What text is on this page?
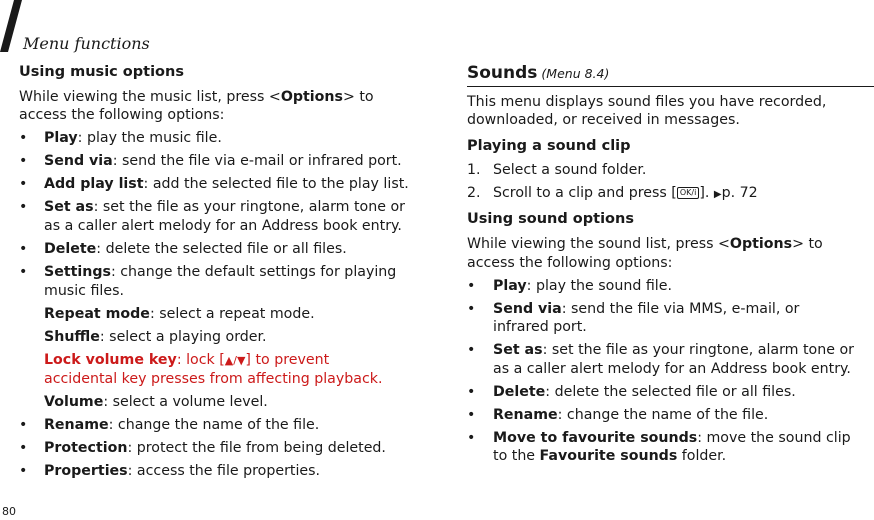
Menu functions
Using music options
While viewing the music list, press <Options> to
access the following options:
• Play: play the music file.
• Send via: send the file via e-mail or infrared port.
• Add play list: add the selected file to the play list.
• Set as: set the file as your ringtone, alarm tone or
as a caller alert melody for an Address book entry.
• Delete: delete the selected file or all files.
• Settings: change the default settings for playing
music files.
Repeat mode: select a repeat mode.
Shuffle: select a playing order.
Lock volume key: lock [▲/▼] to prevent
accidental key presses from affecting playback.
Volume: select a volume level.
• Rename: change the name of the file.
• Protection: protect the file from being deleted.
• Properties: access the file properties.
Sounds (Menu 8.4)
This menu displays sound files you have recorded,
downloaded, or received in messages.
Playing a sound clip
1. Select a sound folder.
2. Scroll to a clip and press [ OK/i ]. ▶p. 72
Using sound options
While viewing the sound list, press <Options> to
access the following options:
• Play: play the sound file.
• Send via: send the file via MMS, e-mail, or
infrared port.
• Set as: set the file as your ringtone, alarm tone or
as a caller alert melody for an Address book entry.
• Delete: delete the selected file or all files.
• Rename: change the name of the file.
• Move to favourite sounds: move the sound clip
to the Favourite sounds folder.
80
